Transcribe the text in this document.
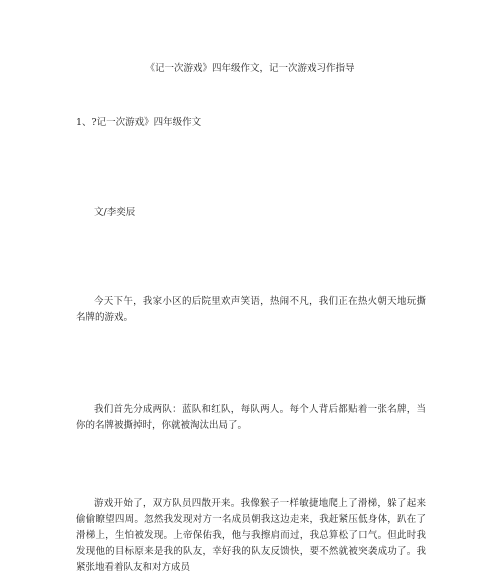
《记一次游戏》四年级作文，记一次游戏习作指导
1、?记一次游戏》四年级作文
文/李奕辰

今天下午，我家小区的后院里欢声笑语，热闹不凡，我们正在热火朝天地玩撕名牌的游戏。

我们首先分成两队：蓝队和红队，每队两人。每个人背后都贴着一张名牌，当你的名牌被撕掉时，你就被淘汰出局了。

游戏开始了，双方队员四散开来。我像猴子一样敏捷地爬上了滑梯，躲了起来偷偷瞭望四周。忽然我发现对方一名成员朝我这边走来，我赶紧压低身体，趴在了滑梯上，生怕被发现。上帝保佑我，他与我擦肩而过，我总算松了口气。但此时我发现他的目标原来是我的队友，幸好我的队友反馈快，要不然就被突袭成功了。我紧张地看着队友和对方成员
